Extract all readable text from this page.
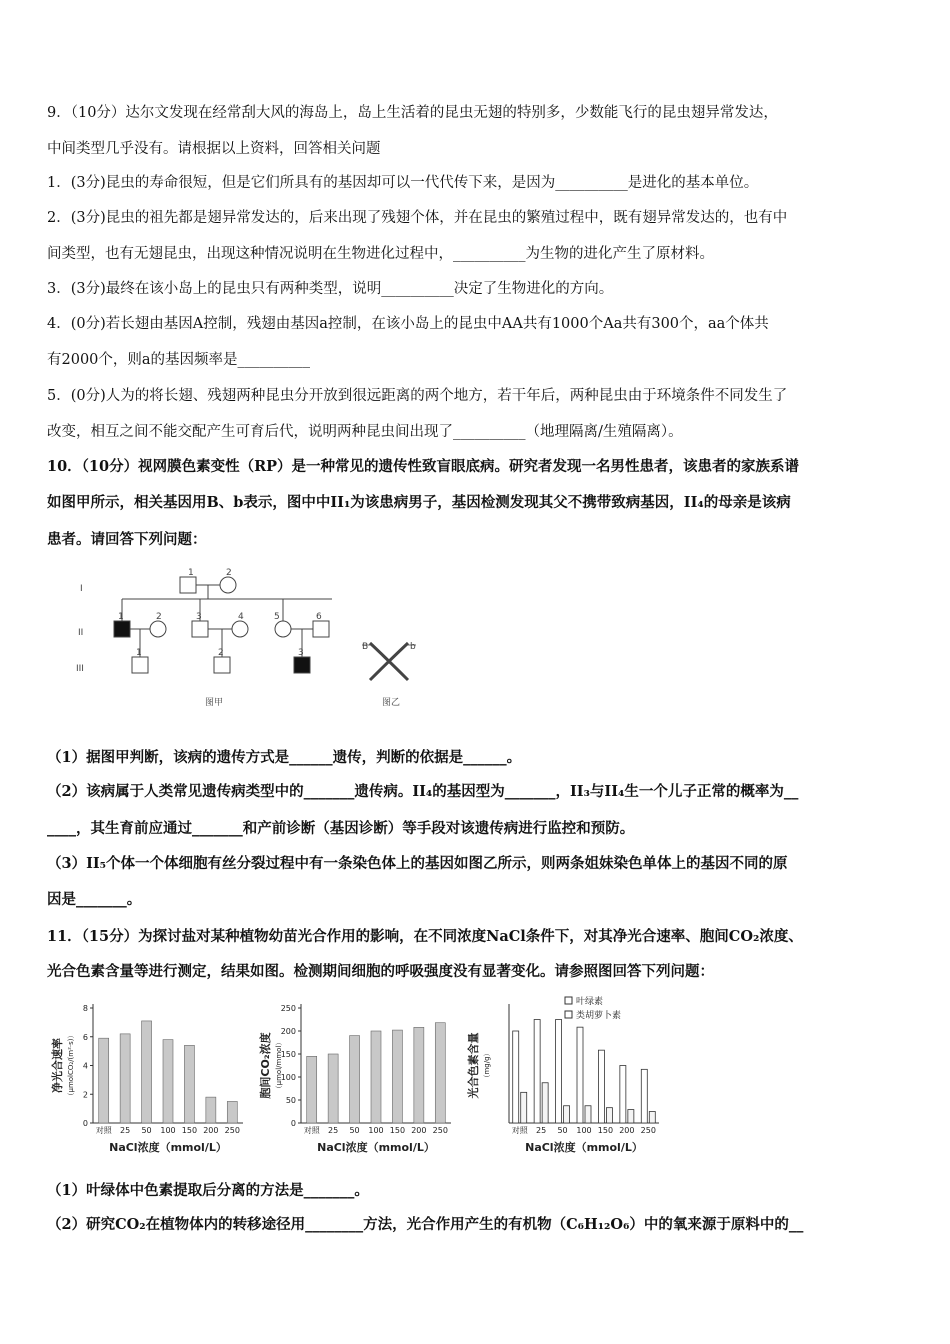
9．（10分）达尔文发现在经常刮大风的海岛上，岛上生活着的昆虫无翅的特别多，少数能飞行的昆虫翅异常发达，
中间类型几乎没有。请根据以上资料，回答相关问题
1．(3分)昆虫的寿命很短，但是它们所具有的基因却可以一代代传下来，是因为__________是进化的基本单位。
2．(3分)昆虫的祖先都是翅异常发达的，后来出现了残翅个体，并在昆虫的繁殖过程中，既有翅异常发达的，也有中
间类型，也有无翅昆虫，出现这种情况说明在生物进化过程中，__________为生物的进化产生了原材料。
3．(3分)最终在该小岛上的昆虫只有两种类型，说明__________决定了生物进化的方向。
4．(0分)若长翅由基因A控制，残翅由基因a控制，在该小岛上的昆虫中AA共有1000个Aa共有300个，aa个体共
有2000个，则a的基因频率是__________
5．(0分)人为的将长翅、残翅两种昆虫分开放到很远距离的两个地方，若干年后，两种昆虫由于环境条件不同发生了
改变，相互之间不能交配产生可育后代，说明两种昆虫间出现了__________（地理隔离/生殖隔离）。
10．（10分）视网膜色素变性（RP）是一种常见的遗传性致盲眼底病。研究者发现一名男性患者，该患者的家族系谱
如图甲所示，相关基因用B、b表示，图中中II₁为该患病男子，基因检测发现其父不携带致病基因，II₄的母亲是该病
患者。请回答下列问题：
I
II
III
1	2
1	2	3	4	5	6
1	2	3
B	b
图甲	图乙
（1）据图甲判断，该病的遗传方式是______遗传，判断的依据是______。
（2）该病属于人类常见遗传病类型中的_______遗传病。II₄的基因型为_______，II₃与II₄生一个儿子正常的概率为__
____，其生育前应通过_______和产前诊断（基因诊断）等手段对该遗传病进行监控和预防。
（3）II₅个体一个体细胞有丝分裂过程中有一条染色体上的基因如图乙所示，则两条姐妹染色单体上的基因不同的原
因是_______。
11．（15分）为探讨盐对某种植物幼苗光合作用的影响，在不同浓度NaCl条件下，对其净光合速率、胞间CO₂浓度、
光合色素含量等进行测定，结果如图。检测期间细胞的呼吸强度没有显著变化。请参照图回答下列问题：
0
2
4
6
8
净光合速率 （μmolCO₂/(m²·s)）
对照 25 50 100 150 200 250
NaCl浓度（mmol/L）
0
50
100
150
200
250
胞间CO₂浓度 （μmol/mmol）
对照 25 50 100 150 200 250
NaCl浓度（mmol/L）
光合色素含量 （mg/g）
对照 25 50 100 150 200 250
叶绿素
类胡萝卜素
NaCl浓度（mmol/L）
（1）叶绿体中色素提取后分离的方法是_______。
（2）研究CO₂在植物体内的转移途径用________方法，光合作用产生的有机物（C₆H₁₂O₆）中的氧来源于原料中的__
